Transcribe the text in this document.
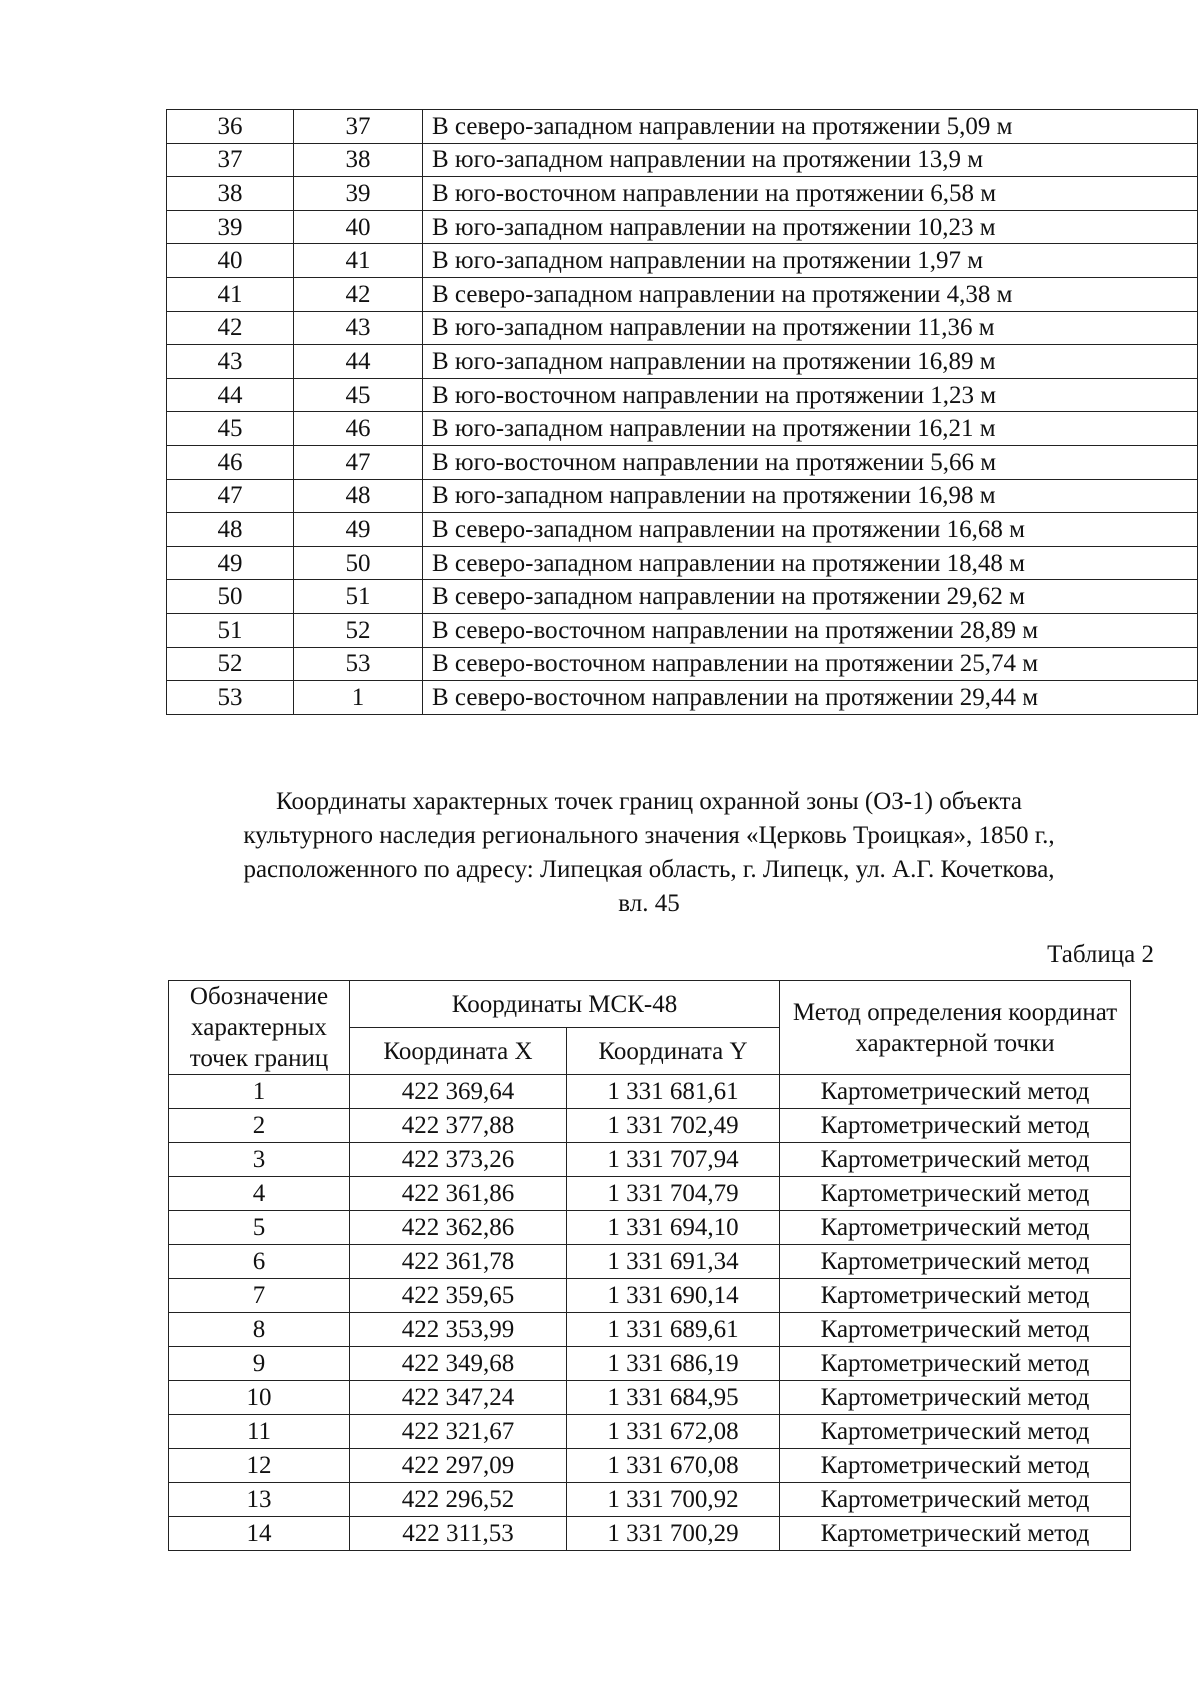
36	37	В северо-западном направлении на протяжении 5,09 м
37	38	В юго-западном направлении на протяжении 13,9 м
38	39	В юго-восточном направлении на протяжении 6,58 м
39	40	В юго-западном направлении на протяжении 10,23 м
40	41	В юго-западном направлении на протяжении 1,97 м
41	42	В северо-западном направлении на протяжении 4,38 м
42	43	В юго-западном направлении на протяжении 11,36 м
43	44	В юго-западном направлении на протяжении 16,89 м
44	45	В юго-восточном направлении на протяжении 1,23 м
45	46	В юго-западном направлении на протяжении 16,21 м
46	47	В юго-восточном направлении на протяжении 5,66 м
47	48	В юго-западном направлении на протяжении 16,98 м
48	49	В северо-западном направлении на протяжении 16,68 м
49	50	В северо-западном направлении на протяжении 18,48 м
50	51	В северо-западном направлении на протяжении 29,62 м
51	52	В северо-восточном направлении на протяжении 28,89 м
52	53	В северо-восточном направлении на протяжении 25,74 м
53	1	В северо-восточном направлении на протяжении 29,44 м
Координаты характерных точек границ охранной зоны (ОЗ-1) объекта
культурного наследия регионального значения «Церковь Троицкая», 1850 г.,
расположенного по адресу: Липецкая область, г. Липецк, ул. А.Г. Кочеткова,
вл. 45
Таблица 2
Обозначение характерных точек границ	Координаты МСК-48		Метод определения координат характерной точки
	Координата X	Координата Y	
1	422 369,64	1 331 681,61	Картометрический метод
2	422 377,88	1 331 702,49	Картометрический метод
3	422 373,26	1 331 707,94	Картометрический метод
4	422 361,86	1 331 704,79	Картометрический метод
5	422 362,86	1 331 694,10	Картометрический метод
6	422 361,78	1 331 691,34	Картометрический метод
7	422 359,65	1 331 690,14	Картометрический метод
8	422 353,99	1 331 689,61	Картометрический метод
9	422 349,68	1 331 686,19	Картометрический метод
10	422 347,24	1 331 684,95	Картометрический метод
11	422 321,67	1 331 672,08	Картометрический метод
12	422 297,09	1 331 670,08	Картометрический метод
13	422 296,52	1 331 700,92	Картометрический метод
14	422 311,53	1 331 700,29	Картометрический метод
